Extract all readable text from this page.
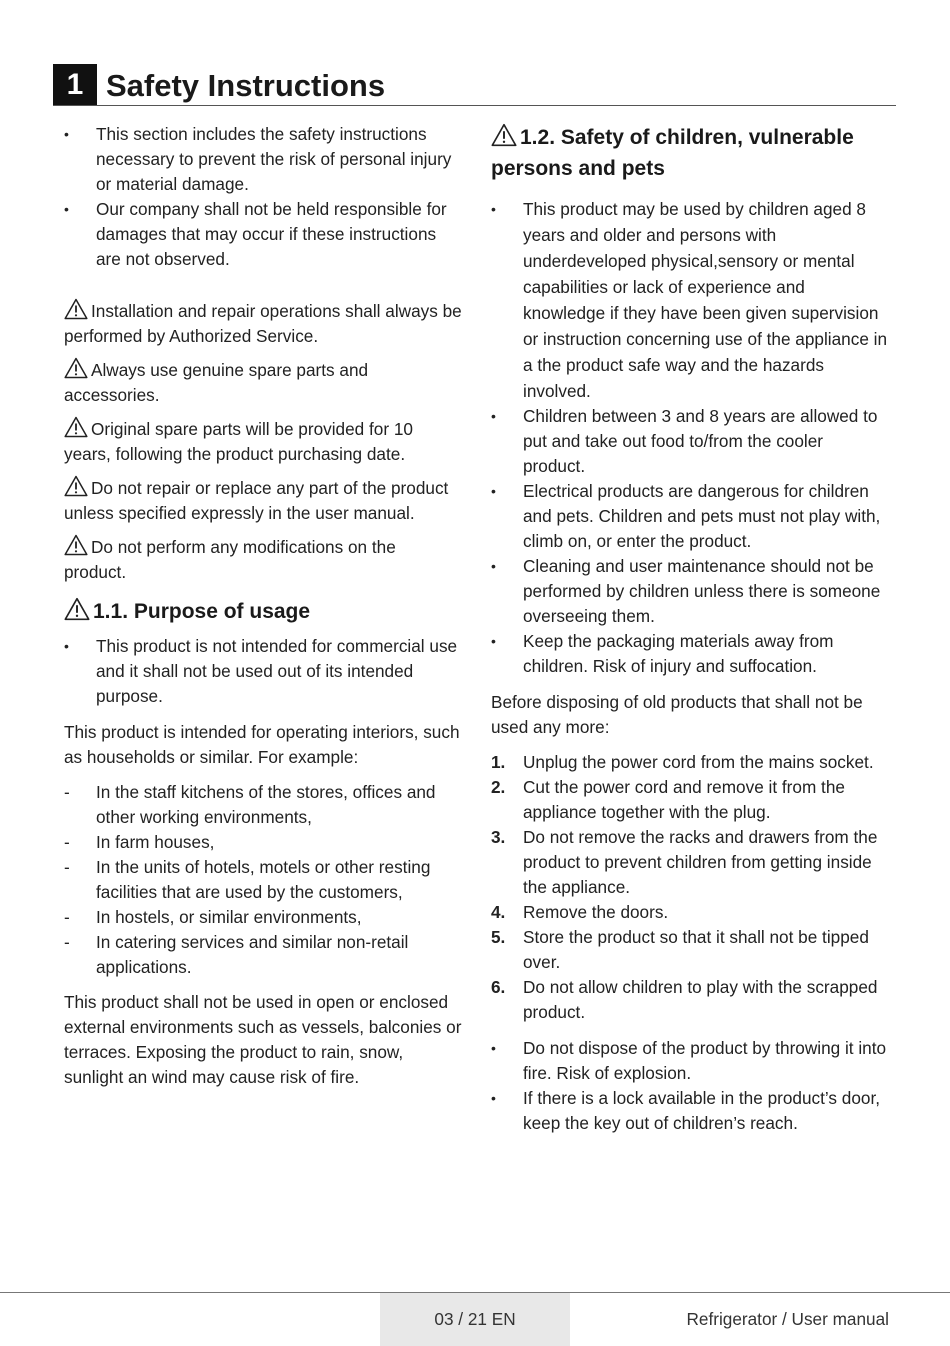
1 Safety Instructions
•	This section includes the safety instructions necessary to prevent the risk of personal injury or material damage.
•	Our company shall not be held responsible for damages that may occur if these instructions are not observed.

Installation and repair operations shall always be performed by Authorized Service.

Always use genuine spare parts and accessories.

Original spare parts will be provided for 10 years, following the product purchasing date.

Do not repair or replace any part of the product unless specified expressly in the user manual.

Do not perform any modifications on the product.

1.1. Purpose of usage
•	This product is not intended for commercial use and it shall not be used out of its intended purpose.

This product is intended for operating interiors, such as households or similar. For example:

-	In the staff kitchens of the stores, offices and other working environments,
-	In farm houses,
-	In the units of hotels, motels or other resting facilities that are used by the customers,
-	In hostels, or similar environments,
-	In catering services and similar non-retail applications.

This product shall not be used in open or enclosed external environments such as vessels, balconies or terraces. Exposing the product to rain, snow, sunlight an wind may cause risk of fire.

1.2. Safety of children, vulnerable persons and pets
•	This product may be used by children aged 8 years and older and persons with underdeveloped physical,sensory or mental capabilities or lack of experience and knowledge if they have been given supervision or instruction concerning use of the appliance in a the product safe way and the hazards involved.
•	Children between 3 and 8 years are allowed to put and take out food to/from the cooler product.
•	Electrical products are dangerous for children and pets. Children and pets must not play with, climb on, or enter the product.
•	Cleaning and user maintenance should not be performed by children unless there is someone overseeing them.
•	Keep the packaging materials away from children. Risk of injury and suffocation.

Before disposing of old products that shall not be used any more:

1.	Unplug the power cord from the mains socket.
2.	Cut the power cord and remove it from the appliance together with the plug.
3.	Do not remove the racks and drawers from the product to prevent children from getting inside the appliance.
4.	Remove the doors.
5.	Store the product so that it shall not be tipped over.
6.	Do not allow children to play with the scrapped product.
•	Do not dispose of the product by throwing it into fire. Risk of explosion.
•	If there is a lock available in the product’s door, keep the key out of children’s reach.
03 / 21 EN	Refrigerator / User manual
